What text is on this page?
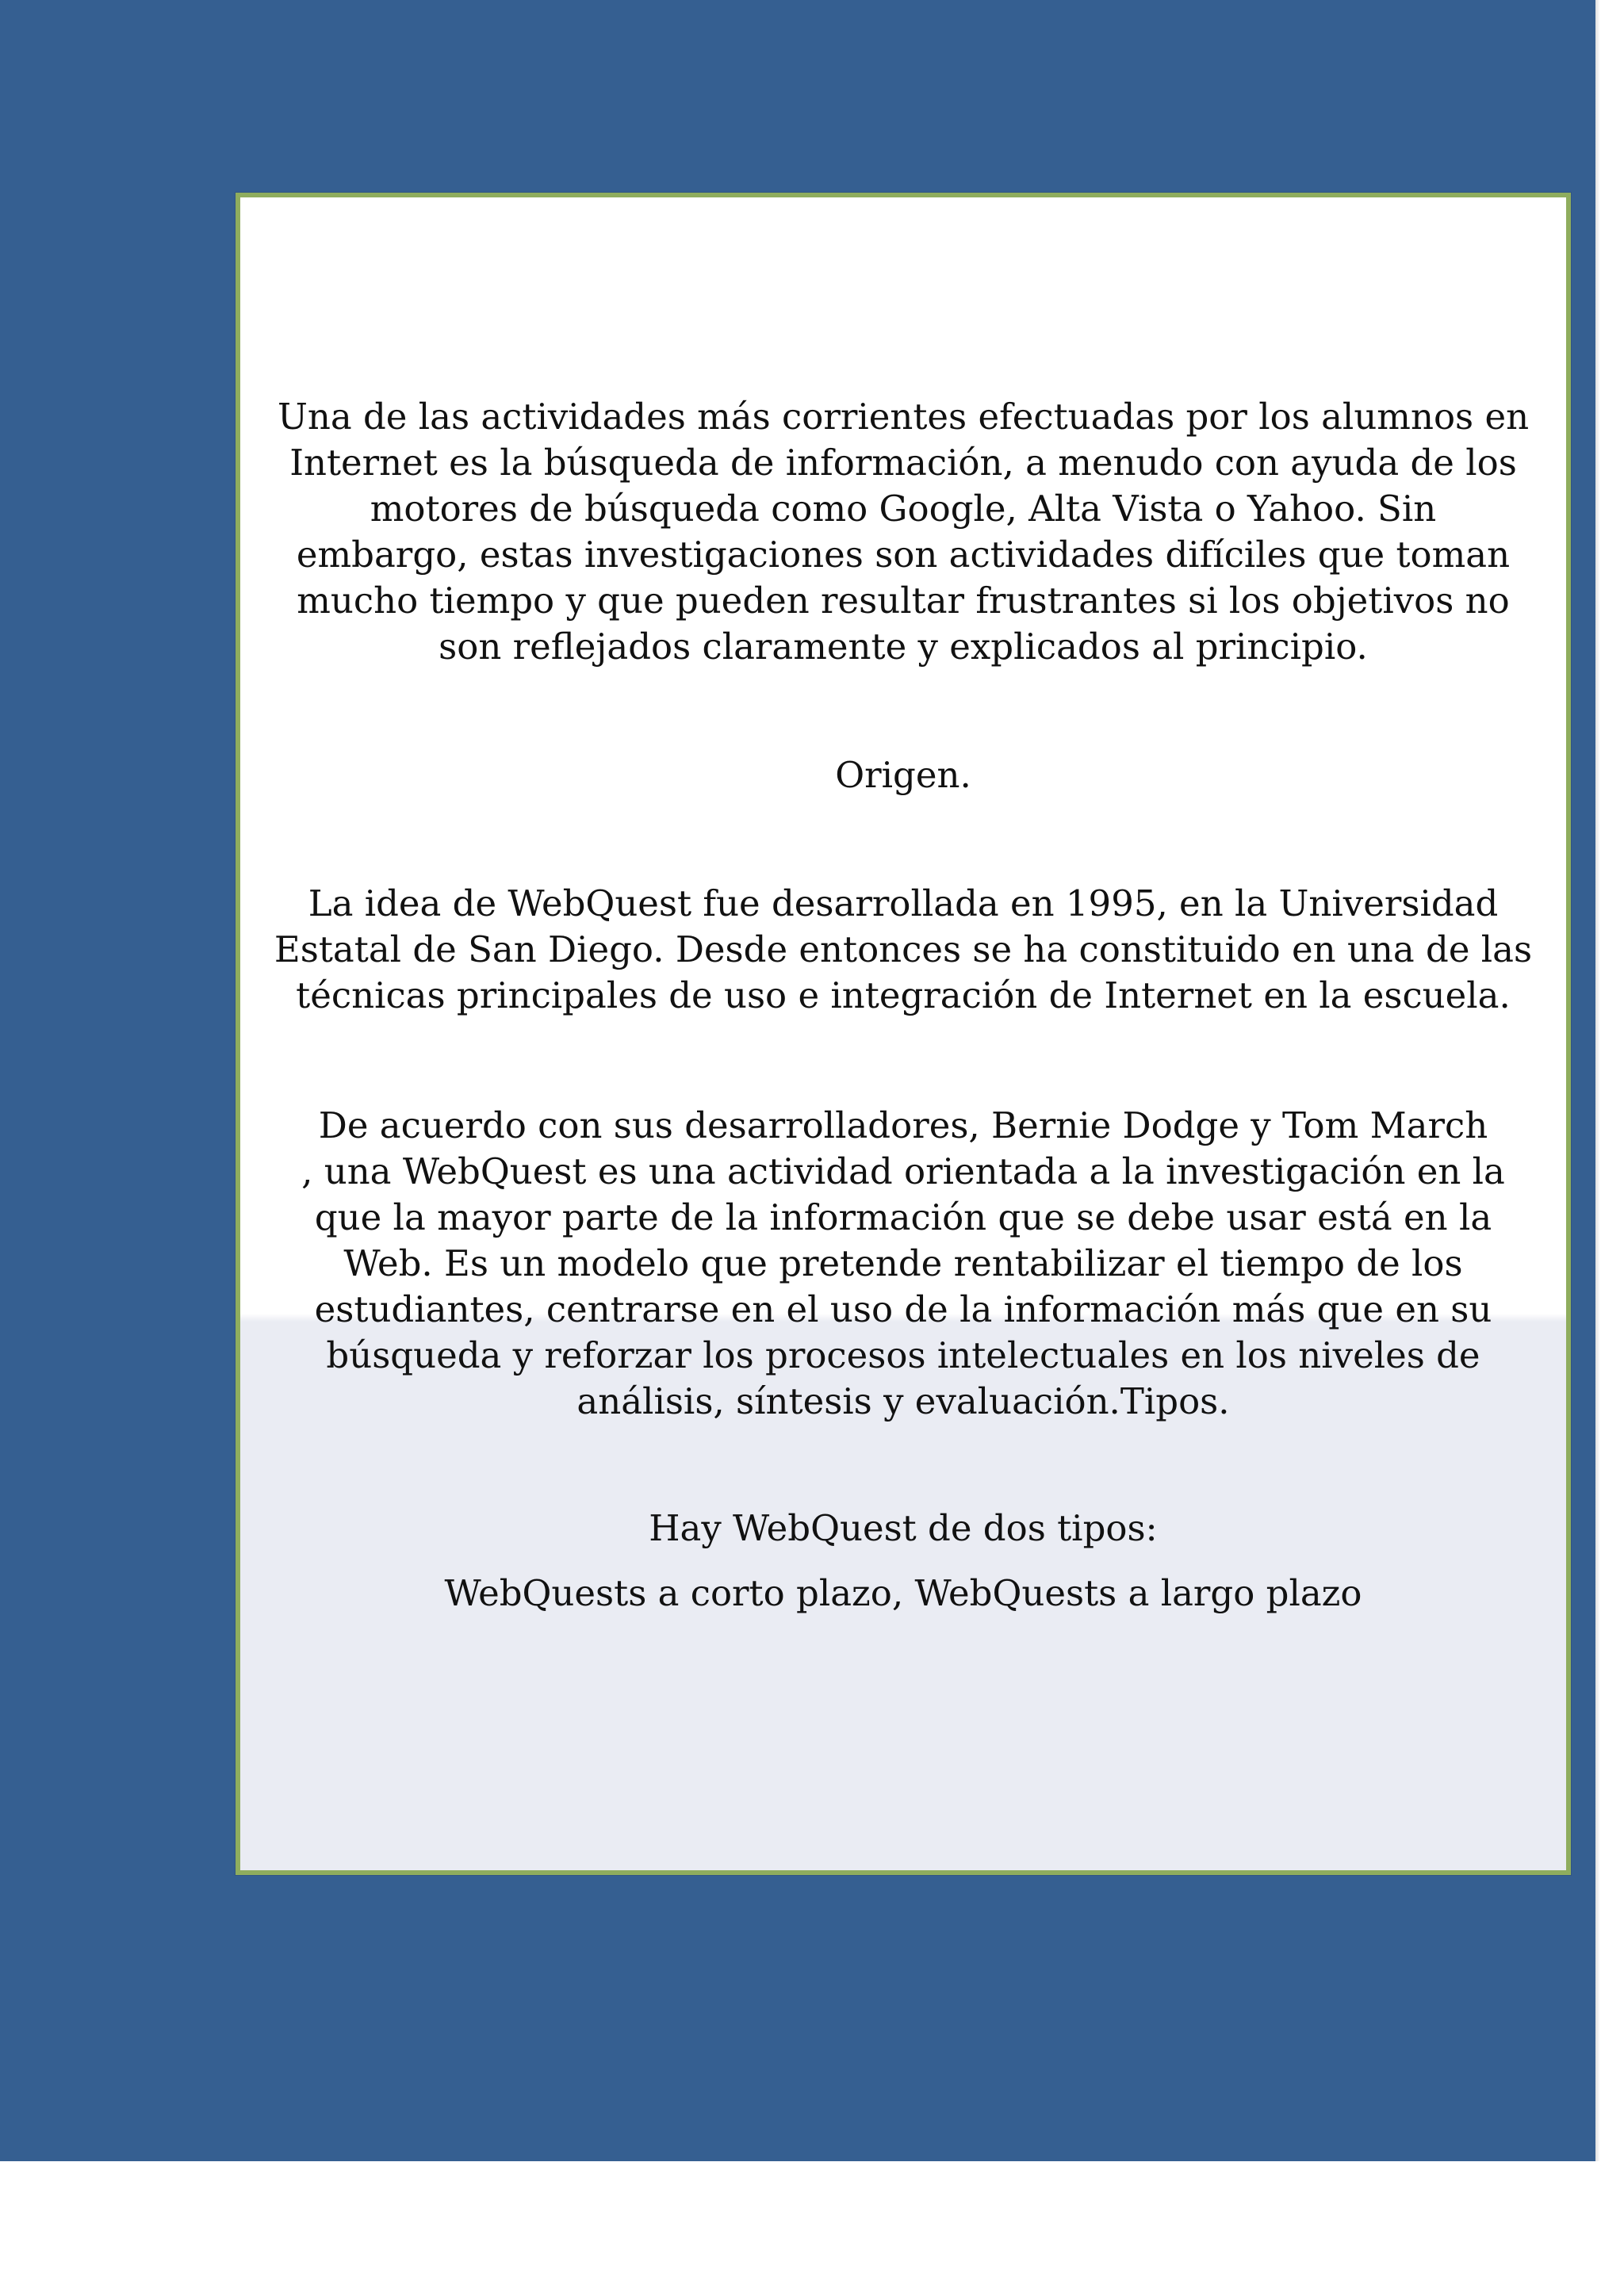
Una de las actividades más corrientes efectuadas por los alumnos en
Internet es la búsqueda de información, a menudo con ayuda de los
motores de búsqueda como Google, Alta Vista o Yahoo. Sin
embargo, estas investigaciones son actividades difíciles que toman
mucho tiempo y que pueden resultar frustrantes si los objetivos no
son reflejados claramente y explicados al principio.
Origen.
La idea de WebQuest fue desarrollada en 1995, en la Universidad
Estatal de San Diego. Desde entonces se ha constituido en una de las
técnicas principales de uso e integración de Internet en la escuela.
De acuerdo con sus desarrolladores, Bernie Dodge y Tom March
, una WebQuest es una actividad orientada a la investigación en la
que la mayor parte de la información que se debe usar está en la
Web. Es un modelo que pretende rentabilizar el tiempo de los
estudiantes, centrarse en el uso de la información más que en su
búsqueda y reforzar los procesos intelectuales en los niveles de
análisis, síntesis y evaluación.Tipos.
Hay WebQuest de dos tipos:
WebQuests a corto plazo, WebQuests a largo plazo
